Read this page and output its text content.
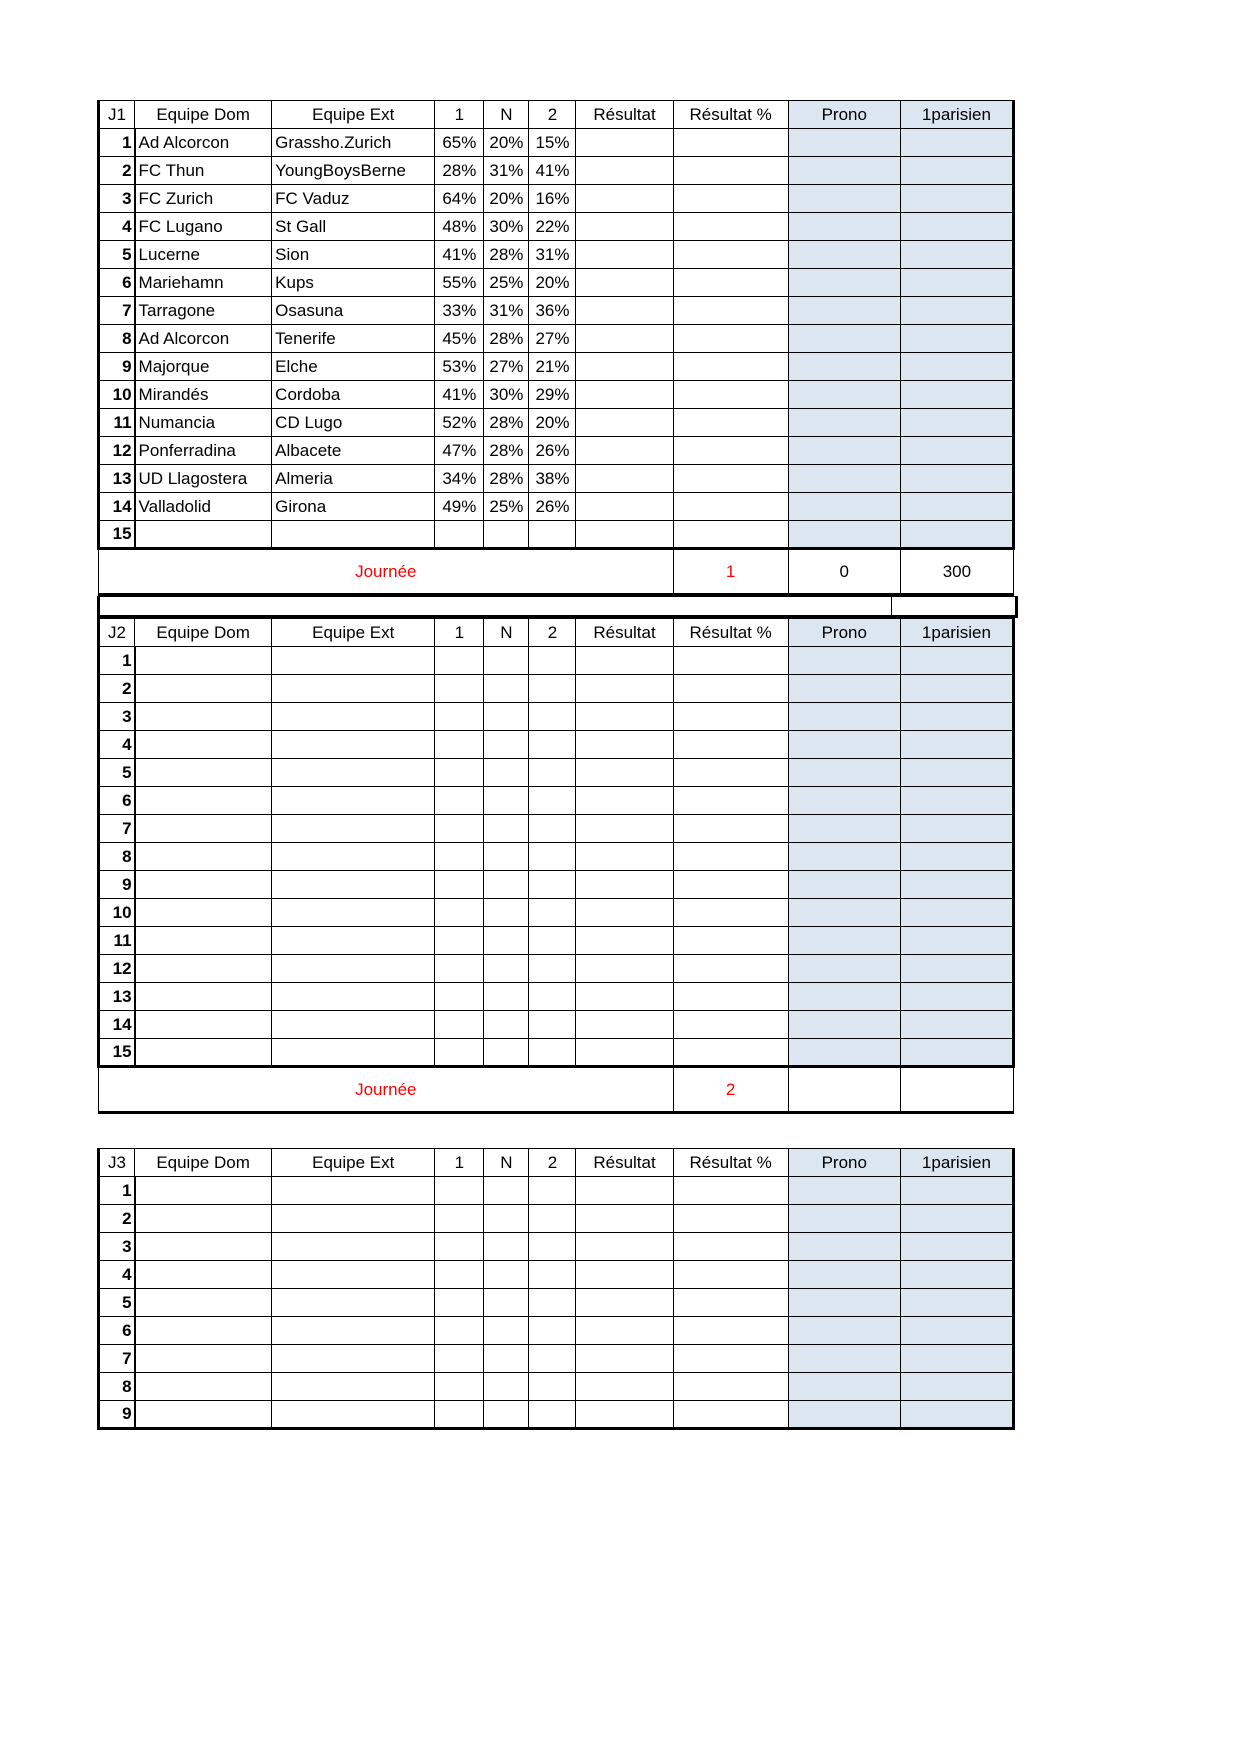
J1	Equipe Dom	Equipe Ext	1	N	2	Résultat	Résultat %	Prono	1parisien
1	Ad Alcorcon	Grassho.Zurich	65%	20%	15%				
2	FC Thun	YoungBoysBerne	28%	31%	41%				
3	FC Zurich	FC Vaduz	64%	20%	16%				
4	FC Lugano	St Gall	48%	30%	22%				
5	Lucerne	Sion	41%	28%	31%				
6	Mariehamn	Kups	55%	25%	20%				
7	Tarragone	Osasuna	33%	31%	36%				
8	Ad Alcorcon	Tenerife	45%	28%	27%				
9	Majorque	Elche	53%	27%	21%				
10	Mirandés	Cordoba	41%	30%	29%				
11	Numancia	CD Lugo	52%	28%	20%				
12	Ponferradina	Albacete	47%	28%	26%				
13	UD Llagostera	Almeria	34%	28%	38%				
14	Valladolid	Girona	49%	25%	26%				
15									
Journée							1	0	300

J2	Equipe Dom	Equipe Ext	1	N	2	Résultat	Résultat %	Prono	1parisien
1									
2									
3									
4									
5									
6									
7									
8									
9									
10									
11									
12									
13									
14									
15									
Journée							2		
J3	Equipe Dom	Equipe Ext	1	N	2	Résultat	Résultat %	Prono	1parisien
1									
2									
3									
4									
5									
6									
7									
8									
9									
